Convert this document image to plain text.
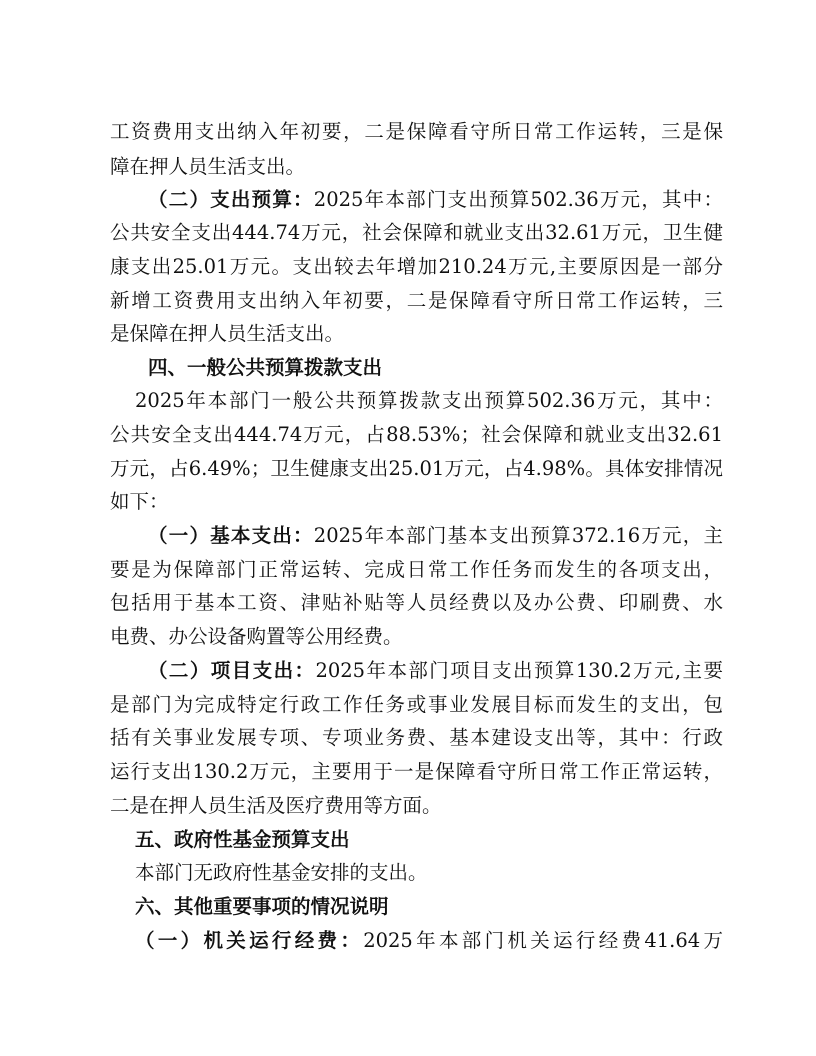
工资费用支出纳入年初要，二是保障看守所日常工作运转，三是保
障在押人员生活支出。
（二）支出预算：2025年本部门支出预算502.36万元，其中：
公共安全支出444.74万元，社会保障和就业支出32.61万元，卫生健
康支出25.01万元。支出较去年增加210.24万元,主要原因是一部分
新增工资费用支出纳入年初要，二是保障看守所日常工作运转，三
是保障在押人员生活支出。
四、一般公共预算拨款支出
2025年本部门一般公共预算拨款支出预算502.36万元，其中：
公共安全支出444.74万元，占88.53%；社会保障和就业支出32.61
万元，占6.49%；卫生健康支出25.01万元，占4.98%。具体安排情况
如下：
（一）基本支出：2025年本部门基本支出预算372.16万元，主
要是为保障部门正常运转、完成日常工作任务而发生的各项支出，
包括用于基本工资、津贴补贴等人员经费以及办公费、印刷费、水
电费、办公设备购置等公用经费。
（二）项目支出：2025年本部门项目支出预算130.2万元,主要
是部门为完成特定行政工作任务或事业发展目标而发生的支出，包
括有关事业发展专项、专项业务费、基本建设支出等，其中：行政
运行支出130.2万元，主要用于一是保障看守所日常工作正常运转，
二是在押人员生活及医疗费用等方面。
五、政府性基金预算支出
本部门无政府性基金安排的支出。
六、其他重要事项的情况说明
（一）机关运行经费：2025年本部门机关运行经费41.64万
